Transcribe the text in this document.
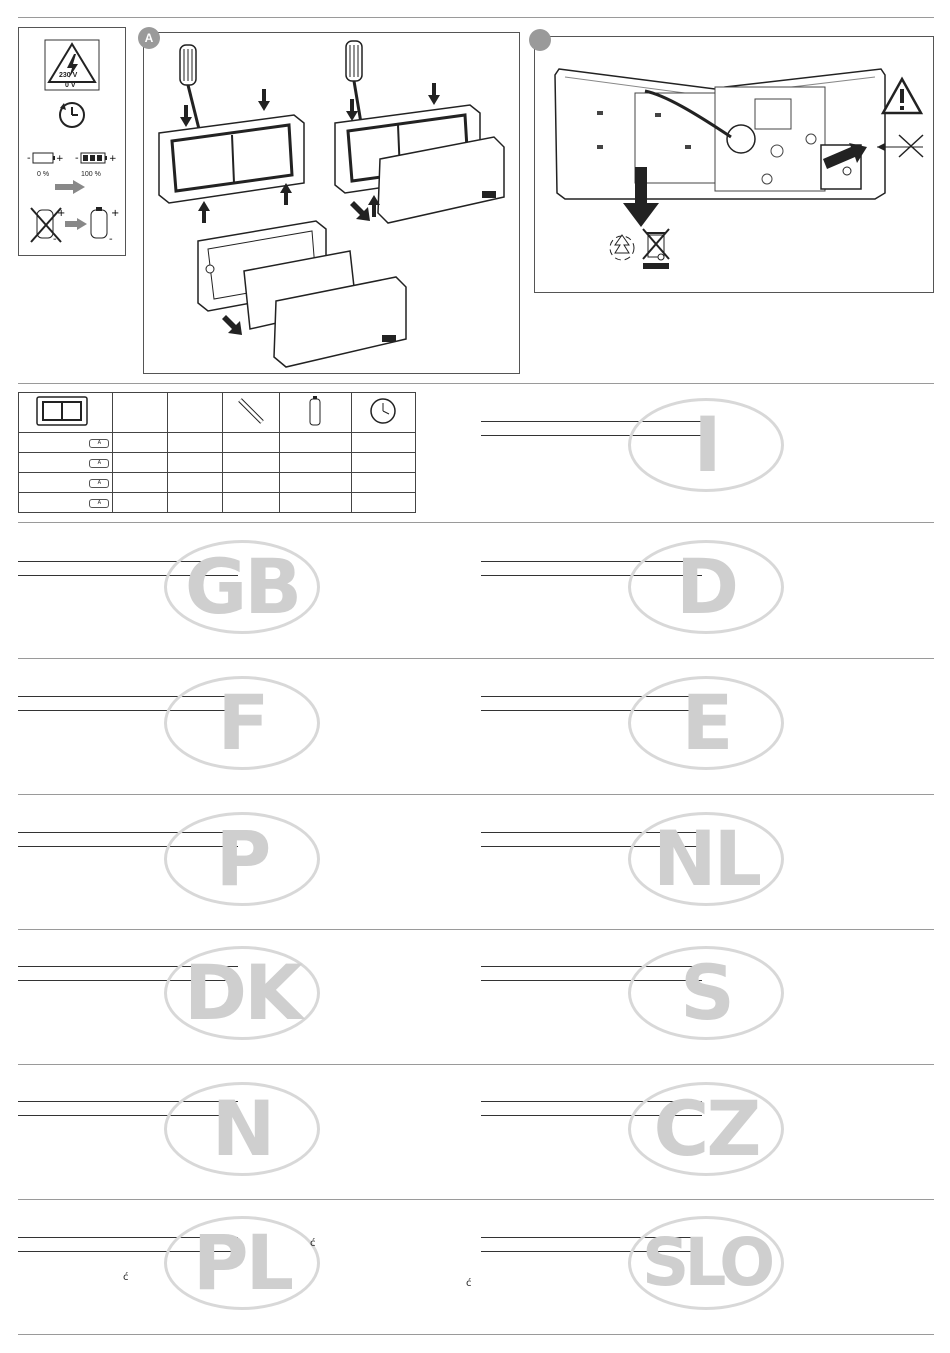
230 V
0 V
-	+ -	+
0 %	100 %
+
-
+
-
A

A					
A					
A					
A					
I
GB	D
F	E
P	NL
DK	S
N	CZ
PL	ć
ć	SLO
ć
